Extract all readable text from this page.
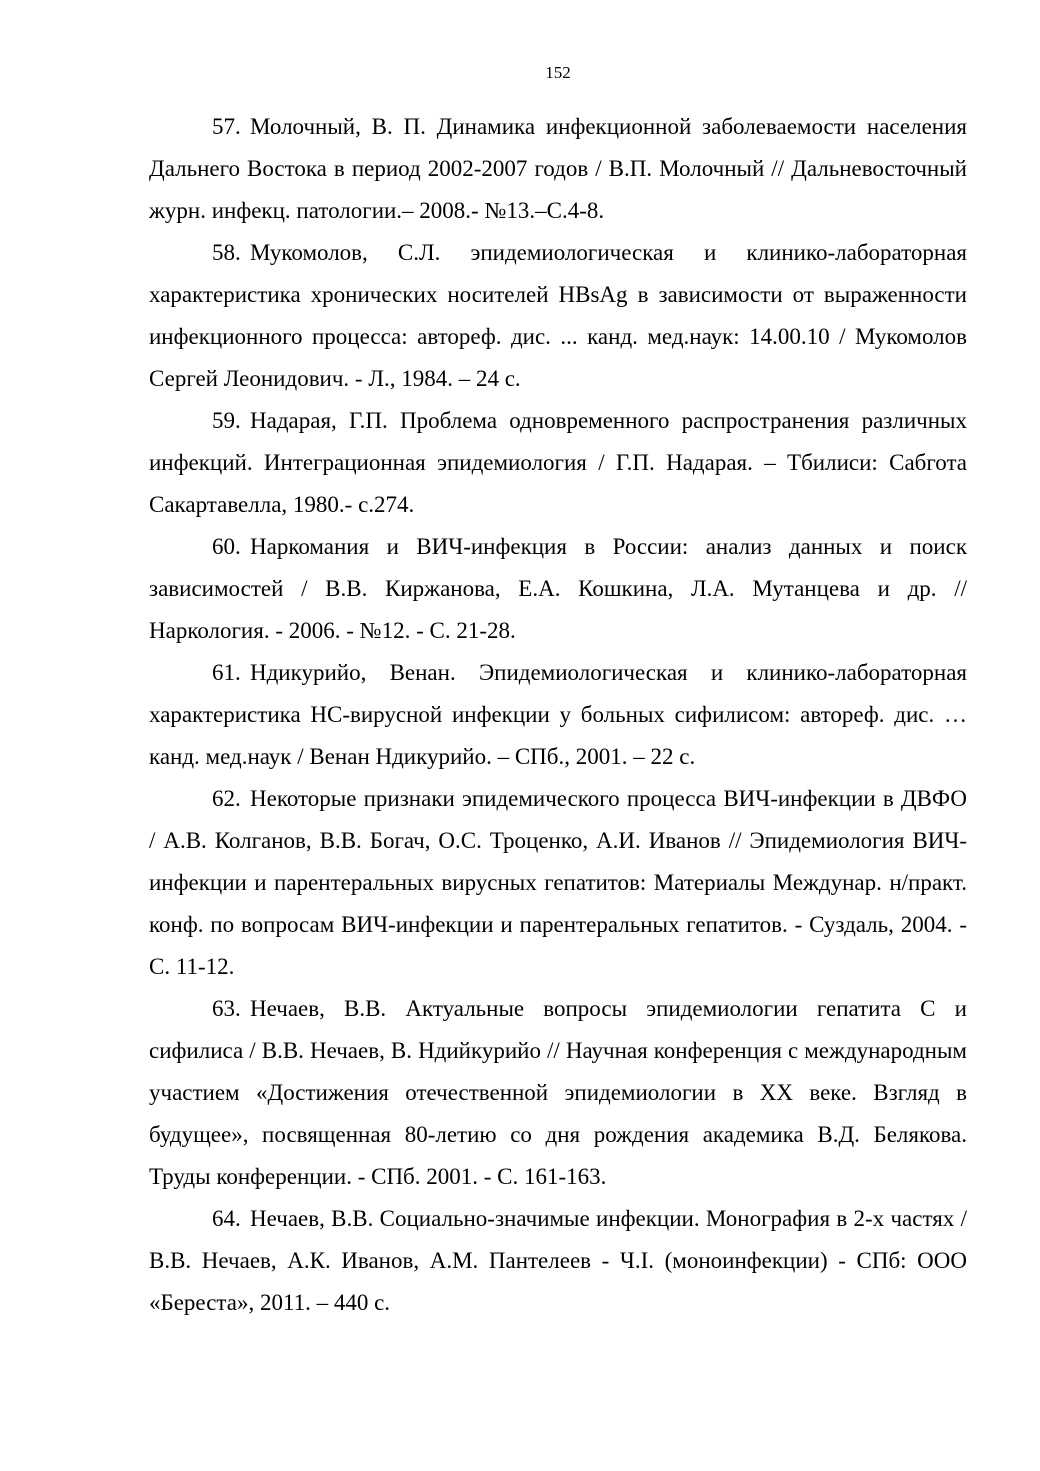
152

57. Молочный, В. П. Динамика инфекционной заболеваемости населения Дальнего Востока в период 2002-2007 годов / В.П. Молочный // Дальневосточный журн. инфекц. патологии.– 2008.- №13.–С.4-8.

58. Мукомолов, С.Л. эпидемиологическая и клинико-лабораторная характеристика хронических носителей HBsAg в зависимости от выраженности инфекционного процесса: автореф. дис. ... канд. мед.наук: 14.00.10 / Мукомолов Сергей Леонидович. - Л., 1984. – 24 с.

59. Надарая, Г.П. Проблема одновременного распространения различных инфекций. Интеграционная эпидемиология / Г.П. Надарая. – Тбилиси: Сабгота Сакартавелла, 1980.- с.274.

60. Наркомания и ВИЧ-инфекция в России: анализ данных и поиск зависимостей / В.В. Киржанова, Е.А. Кошкина, Л.А. Мутанцева и др. // Наркология. - 2006. - №12. - С. 21-28.

61. Ндикурийо, Венан. Эпидемиологическая и клинико-лабораторная характеристика НС-вирусной инфекции у больных сифилисом: автореф. дис. … канд. мед.наук / Венан Ндикурийо. – СПб., 2001. – 22 с.

62. Некоторые признаки эпидемического процесса ВИЧ-инфекции в ДВФО / А.В. Колганов, В.В. Богач, О.С. Троценко, А.И. Иванов // Эпидемиология ВИЧ-инфекции и парентеральных вирусных гепатитов: Материалы Междунар. н/практ. конф. по вопросам ВИЧ-инфекции и парентеральных гепатитов. - Суздаль, 2004. - С. 11-12.

63. Нечаев, В.В. Актуальные вопросы эпидемиологии гепатита С и сифилиса / В.В. Нечаев, В. Ндийкурийо // Научная конференция с международным участием «Достижения отечественной эпидемиологии в XX веке. Взгляд в будущее», посвященная 80-летию со дня рождения академика В.Д. Белякова. Труды конференции. - СПб. 2001. - С. 161-163.

64. Нечаев, В.В. Социально-значимые инфекции. Монография в 2-х частях / В.В. Нечаев, А.К. Иванов, А.М. Пантелеев - Ч.I. (моноинфекции) - СПб: ООО «Береста», 2011. – 440 с.
